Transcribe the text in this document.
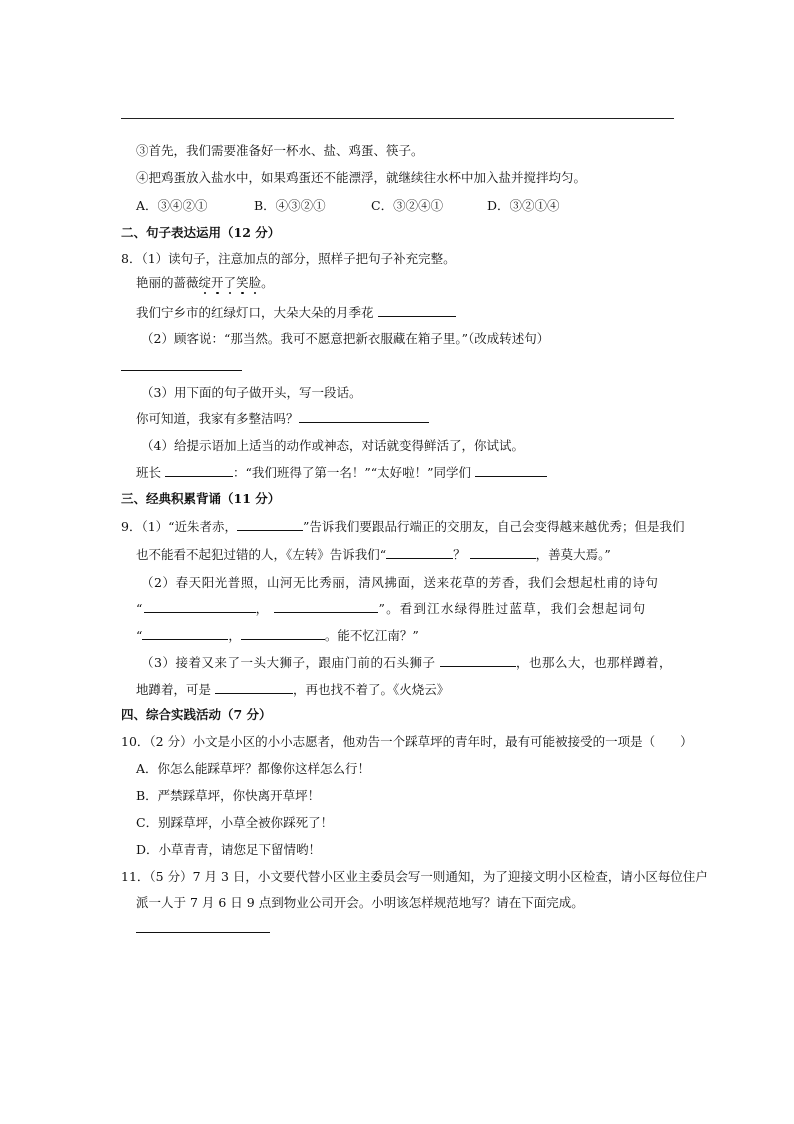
③首先，我们需要准备好一杯水、盐、鸡蛋、筷子。
④把鸡蛋放入盐水中，如果鸡蛋还不能漂浮，就继续往水杯中加入盐并搅拌均匀。
A．③④②①	B．④③②①	C．③②④①	D．③②①④
二、句子表达运用（12 分）
8．（1）读句子，注意加点的部分，照样子把句子补充完整。
艳丽的蔷薇绽开了笑脸。
我们宁乡市的红绿灯口，大朵大朵的月季花
（2）顾客说：“那当然。我可不愿意把新衣服藏在箱子里。”（改成转述句）
（3）用下面的句子做开头，写一段话。
你可知道，我家有多整洁吗？
（4）给提示语加上适当的动作或神态，对话就变得鲜活了，你试试。
班长	：“我们班得了第一名！”“太好啦！”同学们
三、经典积累背诵（11 分）
9．（1）“近朱者赤，	”告诉我们要跟品行端正的交朋友，自己会变得越来越优秀；但是我们
也不能看不起犯过错的人，《左转》告诉我们“	？	，善莫大焉。”
（2）春天阳光普照，山河无比秀丽，清风拂面，送来花草的芳香，我们会想起杜甫的诗句
“	，	”。看到江水绿得胜过蓝草，我们会想起词句
“	，	。能不忆江南？”
（3）接着又来了一头大狮子，跟庙门前的石头狮子	，也那么大，也那样蹲着，
地蹲着，可是	，再也找不着了。《火烧云》
四、综合实践活动（7 分）
10．（2 分）小文是小区的小小志愿者，他劝告一个踩草坪的青年时，最有可能被接受的一项是（　　）
A．你怎么能踩草坪？都像你这样怎么行！
B．严禁踩草坪，你快离开草坪！
C．别踩草坪，小草全被你踩死了！
D．小草青青，请您足下留情哟！
11．（5 分）7 月 3 日，小文要代替小区业主委员会写一则通知，为了迎接文明小区检查，请小区每位住户
派一人于 7 月 6 日 9 点到物业公司开会。小明该怎样规范地写？请在下面完成。
